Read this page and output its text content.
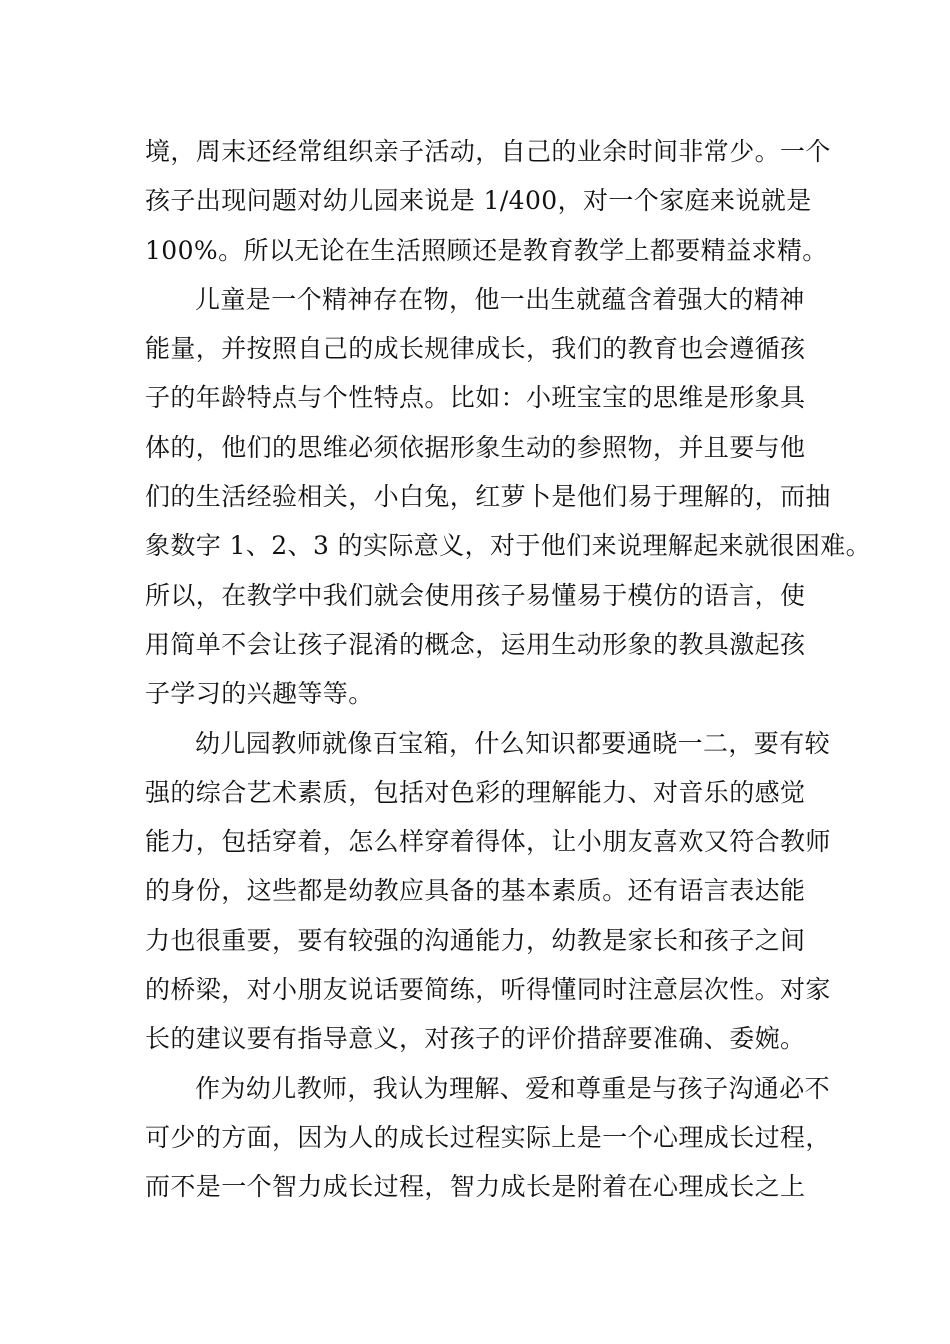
境，周末还经常组织亲子活动，自己的业余时间非常少。一个
孩子出现问题对幼儿园来说是 1/400，对一个家庭来说就是
100%。所以无论在生活照顾还是教育教学上都要精益求精。
儿童是一个精神存在物，他一出生就蕴含着强大的精神
能量，并按照自己的成长规律成长，我们的教育也会遵循孩
子的年龄特点与个性特点。比如：小班宝宝的思维是形象具
体的，他们的思维必须依据形象生动的参照物，并且要与他
们的生活经验相关，小白兔，红萝卜是他们易于理解的，而抽
象数字 1、2、3 的实际意义，对于他们来说理解起来就很困难。
所以，在教学中我们就会使用孩子易懂易于模仿的语言，使
用简单不会让孩子混淆的概念，运用生动形象的教具激起孩
子学习的兴趣等等。
幼儿园教师就像百宝箱，什么知识都要通晓一二，要有较
强的综合艺术素质，包括对色彩的理解能力、对音乐的感觉
能力，包括穿着，怎么样穿着得体，让小朋友喜欢又符合教师
的身份，这些都是幼教应具备的基本素质。还有语言表达能
力也很重要，要有较强的沟通能力，幼教是家长和孩子之间
的桥梁，对小朋友说话要简练，听得懂同时注意层次性。对家
长的建议要有指导意义，对孩子的评价措辞要准确、委婉。
作为幼儿教师，我认为理解、爱和尊重是与孩子沟通必不
可少的方面，因为人的成长过程实际上是一个心理成长过程，
而不是一个智力成长过程，智力成长是附着在心理成长之上
